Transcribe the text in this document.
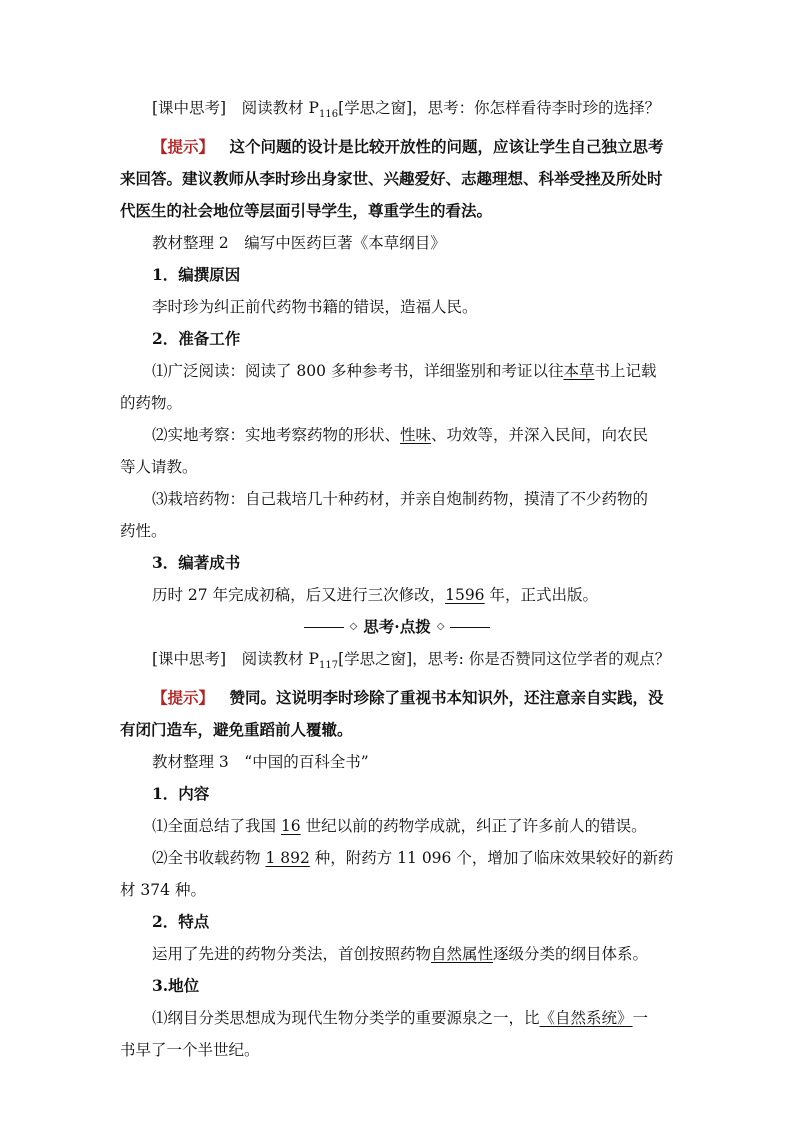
[课中思考]  阅读教材 $P_{116}$[学思之窗]，思考：你怎样看待李时珍的选择？

【提示】  这个问题的设计是比较开放性的问题，应该让学生自己独立思考

来回答。建议教师从李时珍出身家世、兴趣爱好、志趣理想、科举受挫及所处时

代医生的社会地位等层面引导学生，尊重学生的看法。

教材整理 2　编写中医药巨著《本草纲目》

1．编撰原因

李时珍为纠正前代药物书籍的错误，造福人民。

2．准备工作

⑴广泛阅读：阅读了 800 多种参考书，详细鉴别和考证以往本草书上记载

的药物。

⑵实地考察：实地考察药物的形状、性味、功效等，并深入民间，向农民

等人请教。

⑶栽培药物：自己栽培几十种药材，并亲自炮制药物，摸清了不少药物的

药性。

3．编著成书

历时 27 年完成初稿，后又进行三次修改，1596 年，正式出版。

◇ 思考·点拨 ◇

[课中思考]  阅读教材 $P_{117}$[学思之窗]，思考: 你是否赞同这位学者的观点？

【提示】  赞同。这说明李时珍除了重视书本知识外，还注意亲自实践，没

有闭门造车，避免重蹈前人覆辙。

教材整理 3　“中国的百科全书”

1．内容

⑴全面总结了我国 16 世纪以前的药物学成就，纠正了许多前人的错误。

⑵全书收载药物 1 892 种，附药方 11 096 个，增加了临床效果较好的新药

材 374 种。

2．特点

运用了先进的药物分类法，首创按照药物自然属性逐级分类的纲目体系。

3.地位

⑴纲目分类思想成为现代生物分类学的重要源泉之一，比《自然系统》一

书早了一个半世纪。
